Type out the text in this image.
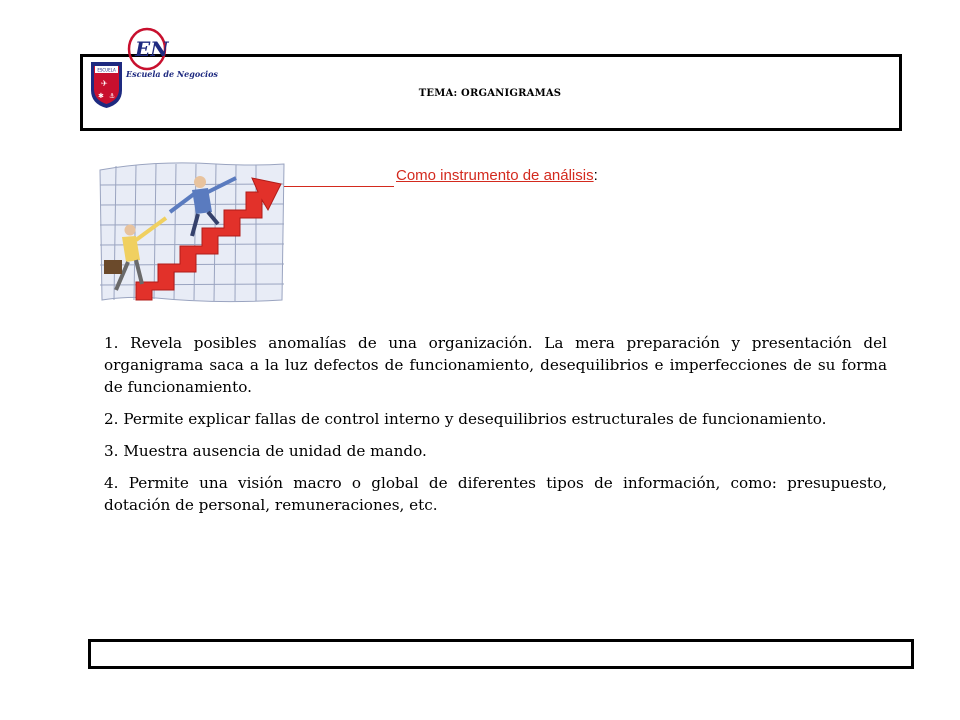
ESCUELA
✈
✱ ⚓
EN
Escuela de Negocios
TEMA: ORGANIGRAMAS
Como instrumento de análisis:

1. Revela posibles anomalías de una organización. La mera preparación y presentación del organigrama saca a la luz defectos de funcionamiento, desequilibrios e imperfecciones de su forma de funcionamiento.

2. Permite explicar fallas de control interno y desequilibrios estructurales de funcionamiento.

3. Muestra ausencia de unidad de mando.

4. Permite una visión macro o global de diferentes tipos de información, como: presupuesto, dotación de personal, remuneraciones, etc.
